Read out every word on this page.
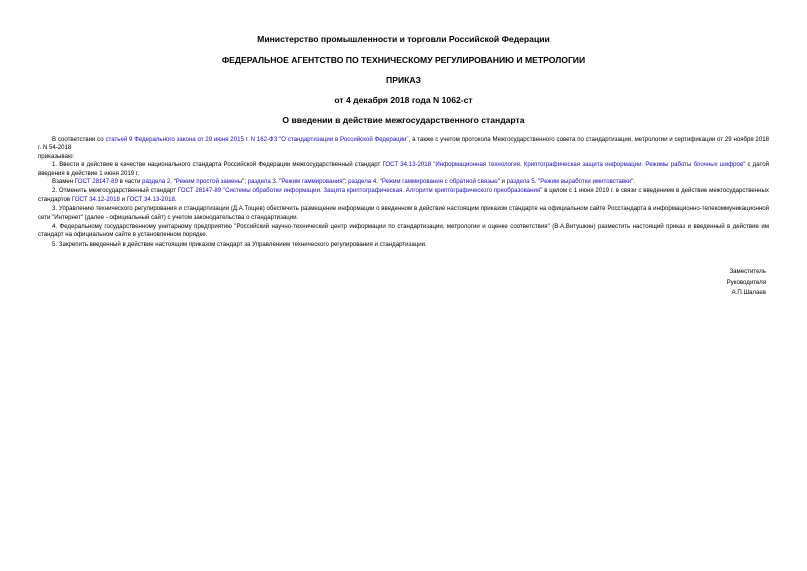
Министерство промышленности и торговли Российской Федерации
ФЕДЕРАЛЬНОЕ АГЕНТСТВО ПО ТЕХНИЧЕСКОМУ РЕГУЛИРОВАНИЮ И МЕТРОЛОГИИ
ПРИКАЗ
от 4 декабря 2018 года N 1062-ст
О введении в действие межгосударственного стандарта

В соответствии со статьей 9 Федерального закона от 29 июня 2015 г. N 162-ФЗ "О стандартизации в Российской Федерации", а также с учетом протокола Межгосударственного совета по стандартизации, метрологии и сертификации от 29 ноября 2018 г. N 54-2018

приказываю:

1. Ввести в действие в качестве национального стандарта Российской Федерации межгосударственный стандарт ГОСТ 34.13-2018 "Информационная технология. Криптографическая защита информации. Режимы работы блочных шифров" с датой введения в действие 1 июня 2019 г.

Взамен ГОСТ 28147-89 в части раздела 2. "Режим простой замены"; раздела 3. "Режим гаммирования"; раздела 4. "Режим гаммирования с обратной связью" и раздела 5. "Режим выработки имитовставки".

2. Отменить межгосударственный стандарт ГОСТ 28147-89 "Системы обработки информации. Защита криптографическая. Алгоритм криптографического преобразования" в целом с 1 июня 2019 г. в связи с введением в действие межгосударственных стандартов ГОСТ 34.12-2018 и ГОСТ 34.13-2018.

3. Управлению технического регулирования и стандартизации (Д.А.Тощев) обеспечить размещение информации о введенном в действие настоящим приказом стандарте на официальном сайте Росстандарта в информационно-телекоммуникационной сети "Интернет" (далее - официальный сайт) с учетом законодательства о стандартизации.

4. Федеральному государственному унитарному предприятию "Российский научно-технический центр информации по стандартизации, метрологии и оценке соответствия" (В.А.Витушкин) разместить настоящий приказ и введенный в действие им стандарт на официальном сайте в установленном порядке.

5. Закрепить введенный в действие настоящим приказом стандарт за Управлением технического регулирования и стандартизации.

Заместитель
Руководителя
А.П.Шалаев
